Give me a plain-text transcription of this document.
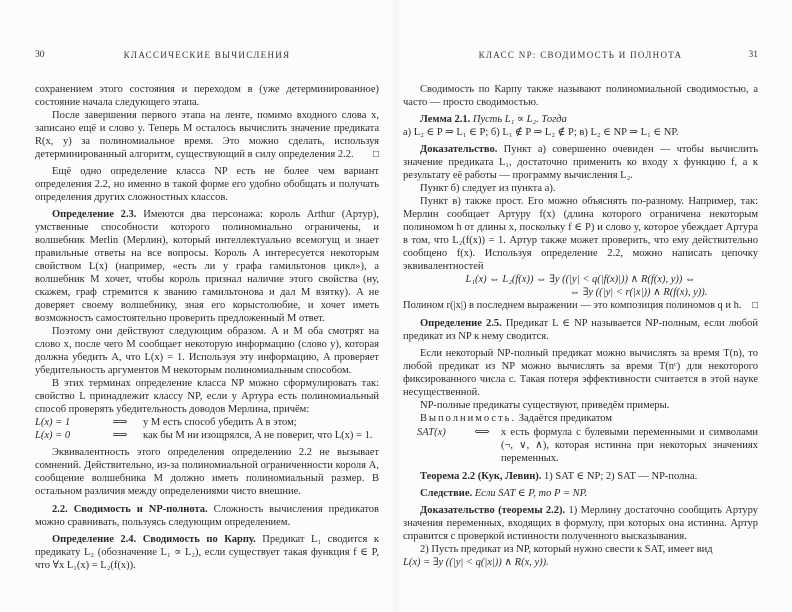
30	КЛАССИЧЕСКИЕ ВЫЧИСЛЕНИЯ

сохранением этого состояния и переходом в (уже детерминированное) состояние начала следующего этапа.

После завершения первого этапа на ленте, помимо входного слова x, записано ещё и слово y. Теперь M осталось вычислить значение предиката R(x, y) за полиномиальное время. Это можно сделать, используя детерминированный алгоритм, существующий в силу определения 2.2.	□

Ещё одно определение класса NP есть не более чем вариант определения 2.2, но именно в такой форме его удобно обобщать и получать определения других сложностных классов.

Определение 2.3. Имеются два персонажа: король Arthur (Артур), умственные способности которого полиномиально ограничены, и волшебник Merlin (Мерлин), который интеллектуально всемогущ и знает правильные ответы на все вопросы. Король A интересуется некоторым свойством L(x) (например, «есть ли у графа гамильтонов цикл»), а волшебник M хочет, чтобы король признал наличие этого свойства (ну, скажем, граф стремится к званию гамильтонова и дал M взятку). A не доверяет своему волшебнику, зная его корыстолюбие, и хочет иметь возможность самостоятельно проверить предложенный M ответ.

Поэтому они действуют следующим образом. A и M оба смотрят на слово x, после чего M сообщает некоторую информацию (слово y), которая должна убедить A, что L(x) = 1. Используя эту информацию, A проверяет убедительность аргументов M некоторым полиномиальным способом.

В этих терминах определение класса NP можно сформулировать так: свойство L принадлежит классу NP, если у Артура есть полиномиальный способ проверять убедительность доводов Мерлина, причём:

L(x) = 1	⟹	у M есть способ убедить A в этом;
L(x) = 0	⟹	как бы M ни изощрялся, A не поверит, что L(x) = 1.

Эквивалентность этого определения определению 2.2 не вызывает сомнений. Действительно, из-за полиномиальной ограниченности короля A, сообщение волшебника M должно иметь полиномиальный размер. В остальном различия между определениями чисто внешние.

2.2. Сводимость и NP-полнота. Сложность вычисления предикатов можно сравнивать, пользуясь следующим определением.

Определение 2.4. Сводимость по Карпу. Предикат L₁ сводится к предикату L₂ (обозначение L₁ ∝ L₂), если существует такая функция f ∈ P, что ∀x L₁(x) = L₂(f(x)).

КЛАСС NP: СВОДИМОСТЬ И ПОЛНОТА	31

Сводимость по Карпу также называют полиномиальной сводимостью, а часто — просто сводимостью.

Лемма 2.1. Пусть L₁ ∝ L₂. Тогда

а) L₂ ∈ P ⇒ L₁ ∈ P; б) L₁ ∉ P ⇒ L₂ ∉ P; в) L₂ ∈ NP ⇒ L₁ ∈ NP.

Доказательство. Пункт а) совершенно очевиден — чтобы вычислить значение предиката L₁, достаточно применить ко входу x функцию f, а к результату её работы — программу вычисления L₂.

Пункт б) следует из пункта а).

Пункт в) также прост. Его можно объяснять по-разному. Например, так: Мерлин сообщает Артуру f(x) (длина которого ограничена некоторым полиномом h от длины x, поскольку f ∈ P) и слово y, которое убеждает Артура в том, что L₂(f(x)) = 1. Артур также может проверить, что ему действительно сообщено f(x). Используя определение 2.2, можно написать цепочку эквивалентностей

L₁(x) ⇔ L₂(f(x)) ⇔ ∃y ((|y| < q(|f(x)|)) ∧ R(f(x), y)) ⇔
⇔ ∃y ((|y| < r(|x|)) ∧ R(f(x), y)).

Полином r(|x|) в последнем выражении — это композиция полиномов q и h. □

Определение 2.5. Предикат L ∈ NP называется NP-полным, если любой предикат из NP к нему сводится.

Если некоторый NP-полный предикат можно вычислять за время T(n), то любой предикат из NP можно вычислять за время T(nᶜ) для некоторого фиксированного числа c. Такая потеря эффективности считается в этой науке несущественной.

NP-полные предикаты существуют, приведём примеры.

Выполнимость. Задаётся предикатом

SAT(x)	⟺	x есть формула с булевыми переменными и символами (¬, ∨, ∧), которая истинна при некоторых значениях переменных.

Теорема 2.2 (Кук, Левин). 1) SAT ∈ NP; 2) SAT — NP-полна.

Следствие. Если SAT ∈ P, то P = NP.

Доказательство (теоремы 2.2). 1) Мерлину достаточно сообщить Артуру значения переменных, входящих в формулу, при которых она истинна. Артур справится с проверкой истинности полученного высказывания.

2) Пусть предикат из NP, который нужно свести к SAT, имеет вид

L(x) = ∃y ((|y| < q(|x|)) ∧ R(x, y)).
